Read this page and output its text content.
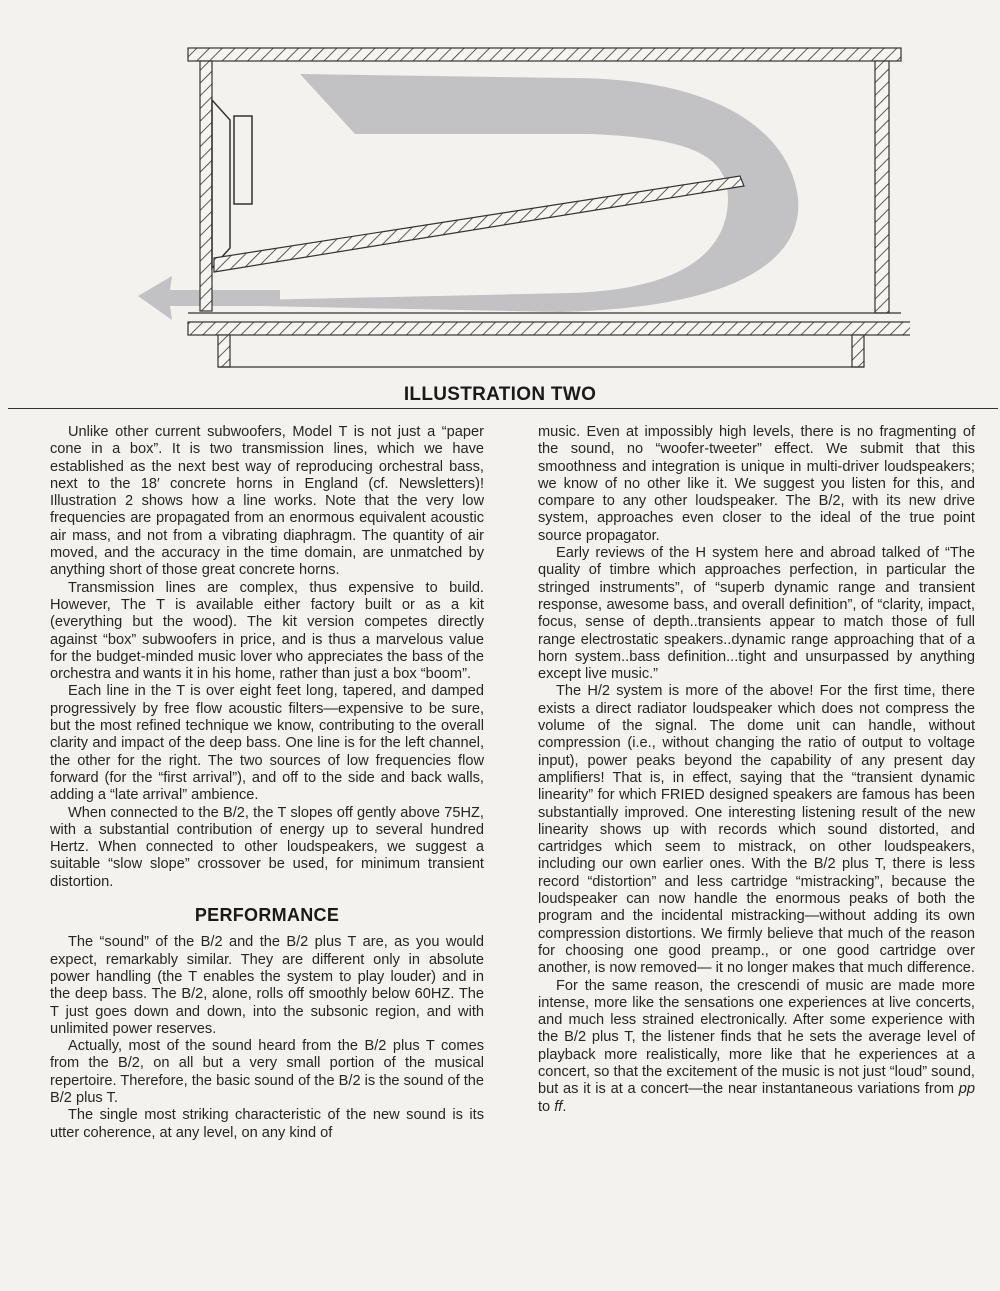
ILLUSTRATION TWO

Unlike other current subwoofers, Model T is not just a “paper cone in a box”. It is two transmission lines, which we have established as the next best way of reproducing orchestral bass, next to the 18′ concrete horns in England (cf. Newsletters)! Illustration 2 shows how a line works. Note that the very low frequencies are propagated from an enormous equivalent acoustic air mass, and not from a vibrating diaphragm. The quantity of air moved, and the accuracy in the time domain, are unmatched by anything short of those great concrete horns.

Transmission lines are complex, thus expensive to build. However, The T is available either factory built or as a kit (everything but the wood). The kit version competes directly against “box” subwoofers in price, and is thus a marvelous value for the budget-minded music lover who appreciates the bass of the orchestra and wants it in his home, rather than just a box “boom”.

Each line in the T is over eight feet long, tapered, and damped progressively by free flow acoustic filters—expensive to be sure, but the most refined technique we know, contributing to the overall clarity and impact of the deep bass. One line is for the left channel, the other for the right. The two sources of low frequencies flow forward (for the “first arrival”), and off to the side and back walls, adding a “late arrival” ambience.

When connected to the B/2, the T slopes off gently above 75HZ, with a substantial contribution of energy up to several hundred Hertz. When connected to other loudspeakers, we suggest a suitable “slow slope” crossover be used, for minimum transient distortion.

PERFORMANCE

The “sound” of the B/2 and the B/2 plus T are, as you would expect, remarkably similar. They are different only in absolute power handling (the T enables the system to play louder) and in the deep bass. The B/2, alone, rolls off smoothly below 60HZ. The T just goes down and down, into the subsonic region, and with unlimited power reserves.

Actually, most of the sound heard from the B/2 plus T comes from the B/2, on all but a very small portion of the musical repertoire. Therefore, the basic sound of the B/2 is the sound of the B/2 plus T.

The single most striking characteristic of the new sound is its utter coherence, at any level, on any kind of

music. Even at impossibly high levels, there is no fragmenting of the sound, no “woofer-tweeter” effect. We submit that this smoothness and integration is unique in multi-driver loudspeakers; we know of no other like it. We suggest you listen for this, and compare to any other loudspeaker. The B/2, with its new drive system, approaches even closer to the ideal of the true point source propagator.

Early reviews of the H system here and abroad talked of “The quality of timbre which approaches perfection, in particular the stringed instruments”, of “superb dynamic range and transient response, awesome bass, and overall definition”, of “clarity, impact, focus, sense of depth..transients appear to match those of full range electrostatic speakers..dynamic range approaching that of a horn system..bass definition...tight and unsurpassed by anything except live music.”

The H/2 system is more of the above! For the first time, there exists a direct radiator loudspeaker which does not compress the volume of the signal. The dome unit can handle, without compression (i.e., without changing the ratio of output to voltage input), power peaks beyond the capability of any present day amplifiers! That is, in effect, saying that the “transient dynamic linearity” for which FRIED designed speakers are famous has been substantially improved. One interesting listening result of the new linearity shows up with records which sound distorted, and cartridges which seem to mistrack, on other loudspeakers, including our own earlier ones. With the B/2 plus T, there is less record “distortion” and less cartridge “mistracking”, because the loudspeaker can now handle the enormous peaks of both the program and the incidental mistracking—without adding its own compression distortions. We firmly believe that much of the reason for choosing one good preamp., or one good cartridge over another, is now removed— it no longer makes that much difference.

For the same reason, the crescendi of music are made more intense, more like the sensations one experiences at live concerts, and much less strained electronically. After some experience with the B/2 plus T, the listener finds that he sets the average level of playback more realistically, more like that he experiences at a concert, so that the excitement of the music is not just “loud” sound, but as it is at a concert—the near instantaneous variations from pp to ff.
